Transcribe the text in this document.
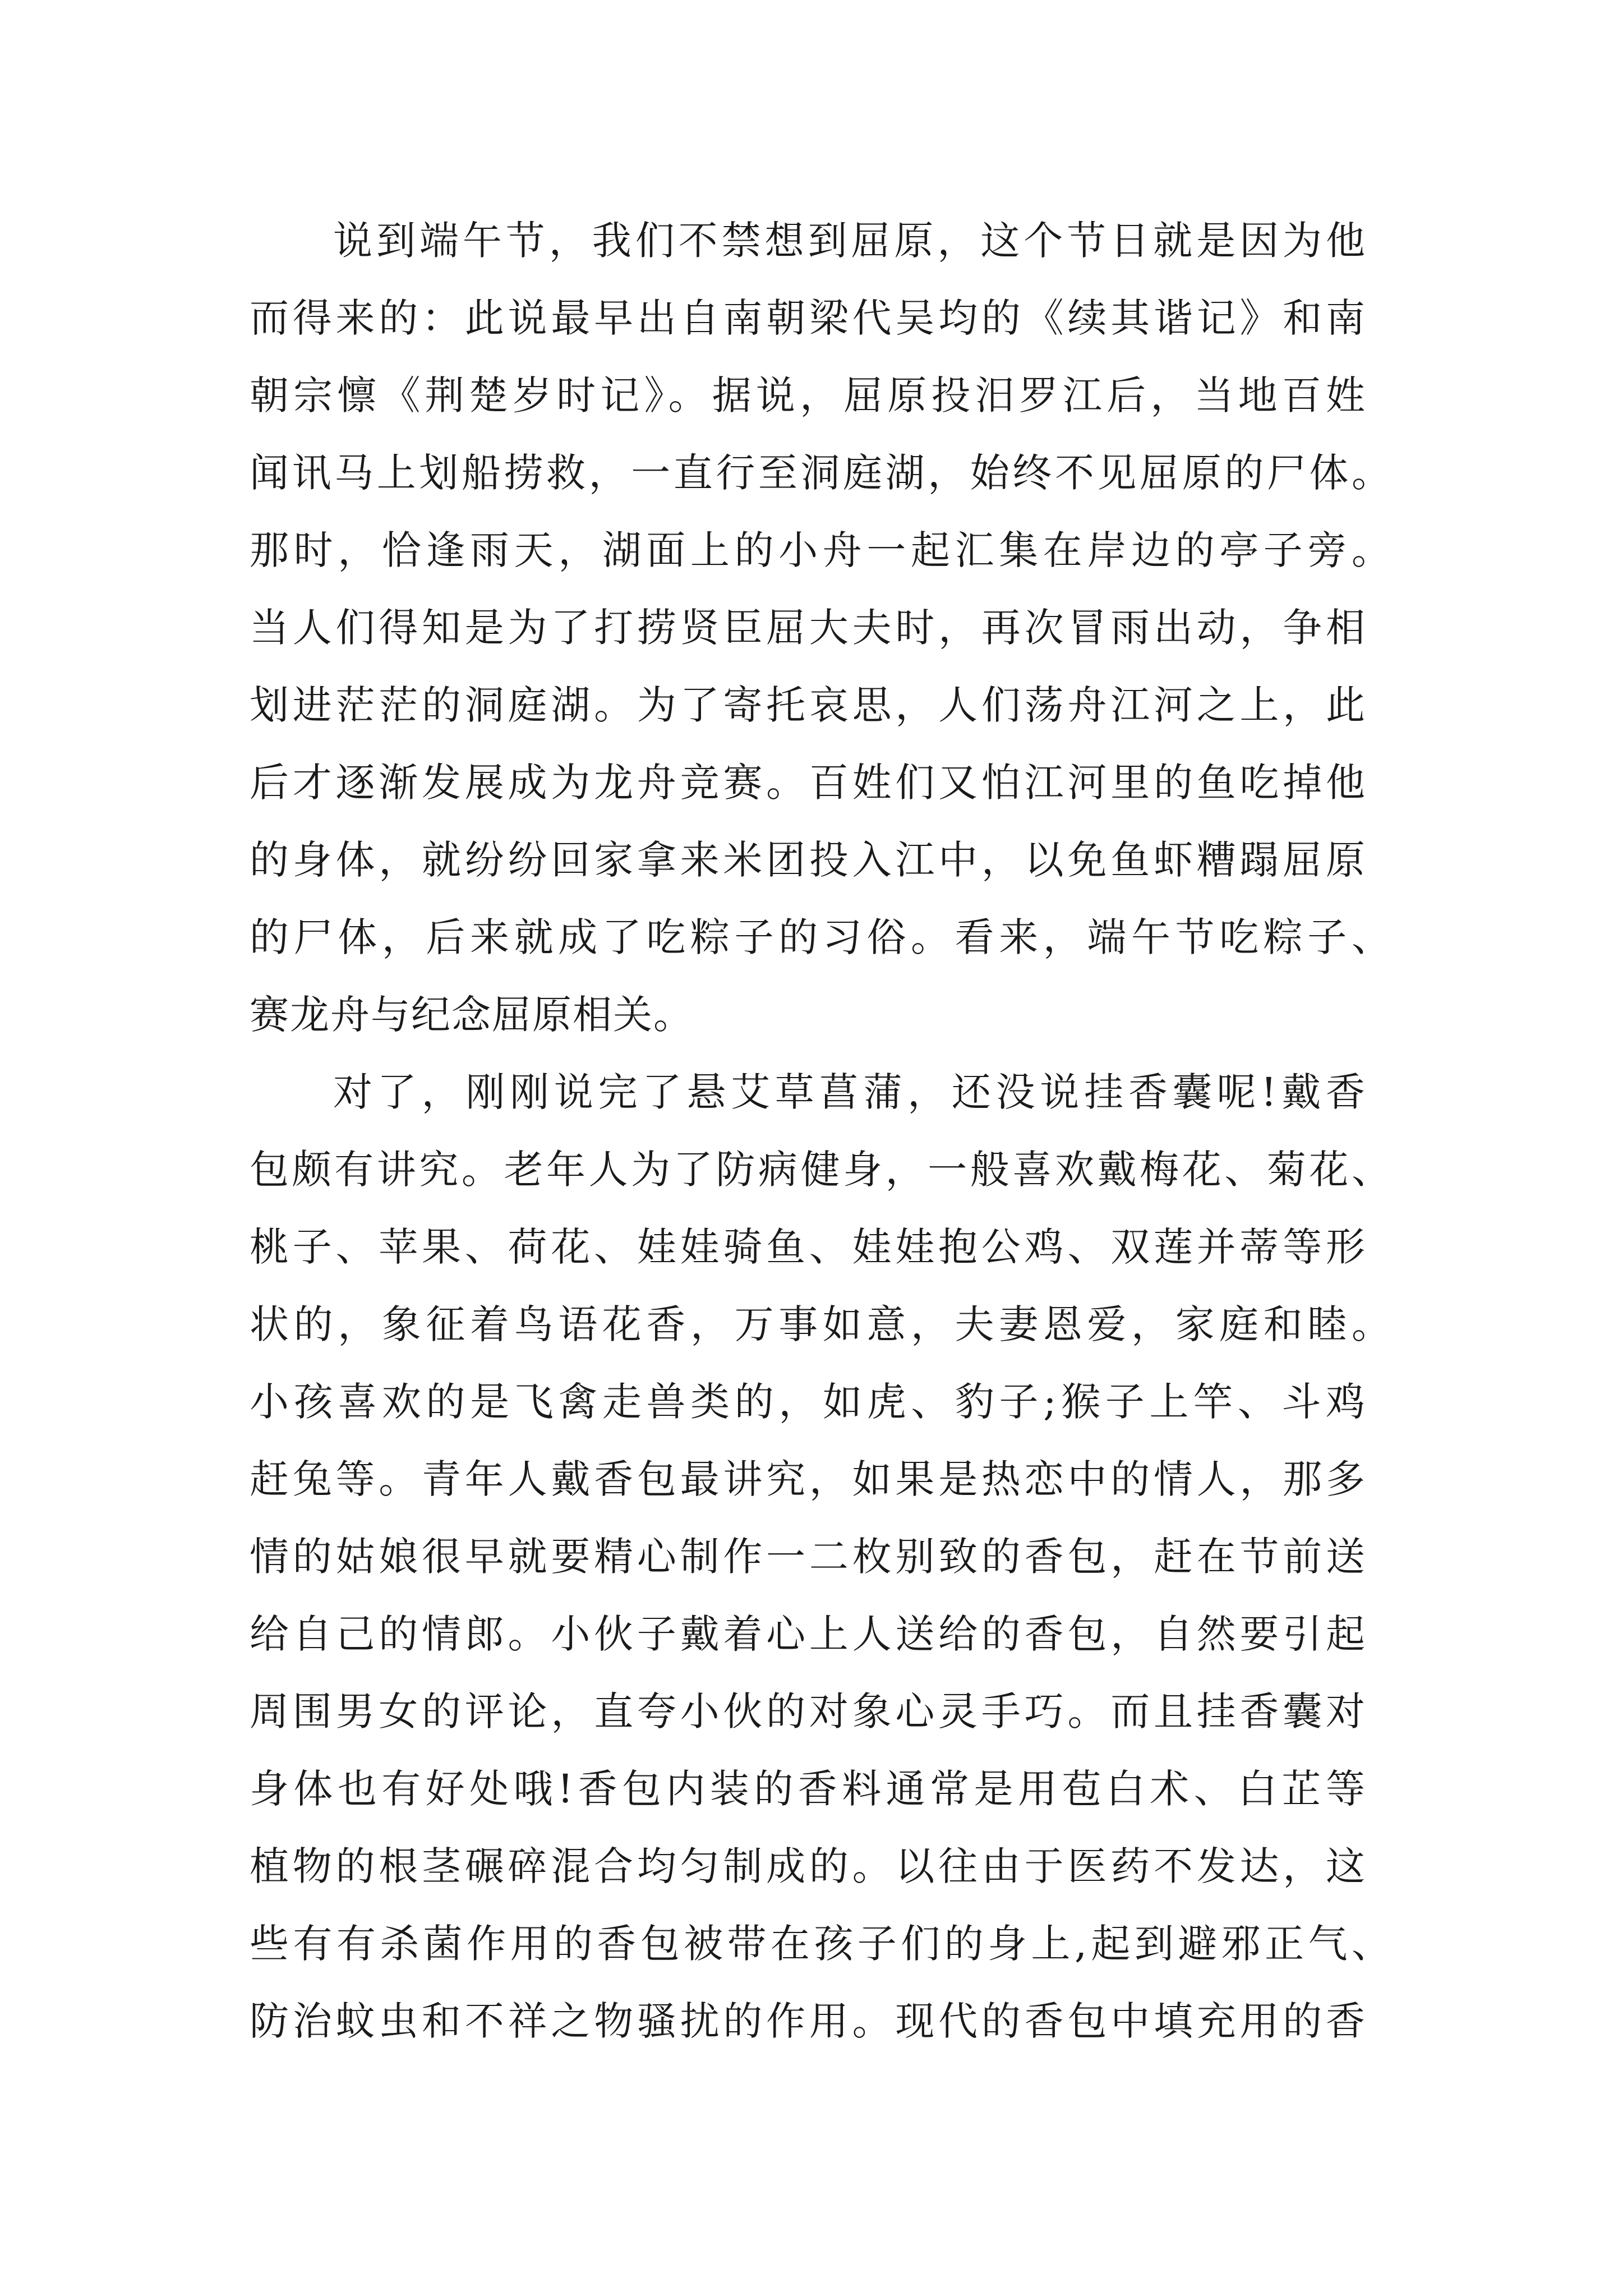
说到端午节，我们不禁想到屈原，这个节日就是因为他
而得来的：此说最早出自南朝梁代吴均的《续其谐记》和南
朝宗懔《荆楚岁时记》。据说，屈原投汨罗江后，当地百姓
闻讯马上划船捞救，一直行至洞庭湖，始终不见屈原的尸体。
那时，恰逢雨天，湖面上的小舟一起汇集在岸边的亭子旁。
当人们得知是为了打捞贤臣屈大夫时，再次冒雨出动，争相
划进茫茫的洞庭湖。为了寄托哀思，人们荡舟江河之上，此
后才逐渐发展成为龙舟竞赛。百姓们又怕江河里的鱼吃掉他
的身体，就纷纷回家拿来米团投入江中，以免鱼虾糟蹋屈原
的尸体，后来就成了吃粽子的习俗。看来，端午节吃粽子、
赛龙舟与纪念屈原相关。
对了，刚刚说完了悬艾草菖蒲，还没说挂香囊呢!戴香
包颇有讲究。老年人为了防病健身，一般喜欢戴梅花、菊花、
桃子、苹果、荷花、娃娃骑鱼、娃娃抱公鸡、双莲并蒂等形
状的，象征着鸟语花香，万事如意，夫妻恩爱，家庭和睦。
小孩喜欢的是飞禽走兽类的，如虎、豹子;猴子上竿、斗鸡
赶兔等。青年人戴香包最讲究，如果是热恋中的情人，那多
情的姑娘很早就要精心制作一二枚别致的香包，赶在节前送
给自己的情郎。小伙子戴着心上人送给的香包，自然要引起
周围男女的评论，直夸小伙的对象心灵手巧。而且挂香囊对
身体也有好处哦!香包内装的香料通常是用苞白术、白芷等
植物的根茎碾碎混合均匀制成的。以往由于医药不发达，这
些有有杀菌作用的香包被带在孩子们的身上,起到避邪正气、
防治蚊虫和不祥之物骚扰的作用。现代的香包中填充用的香
